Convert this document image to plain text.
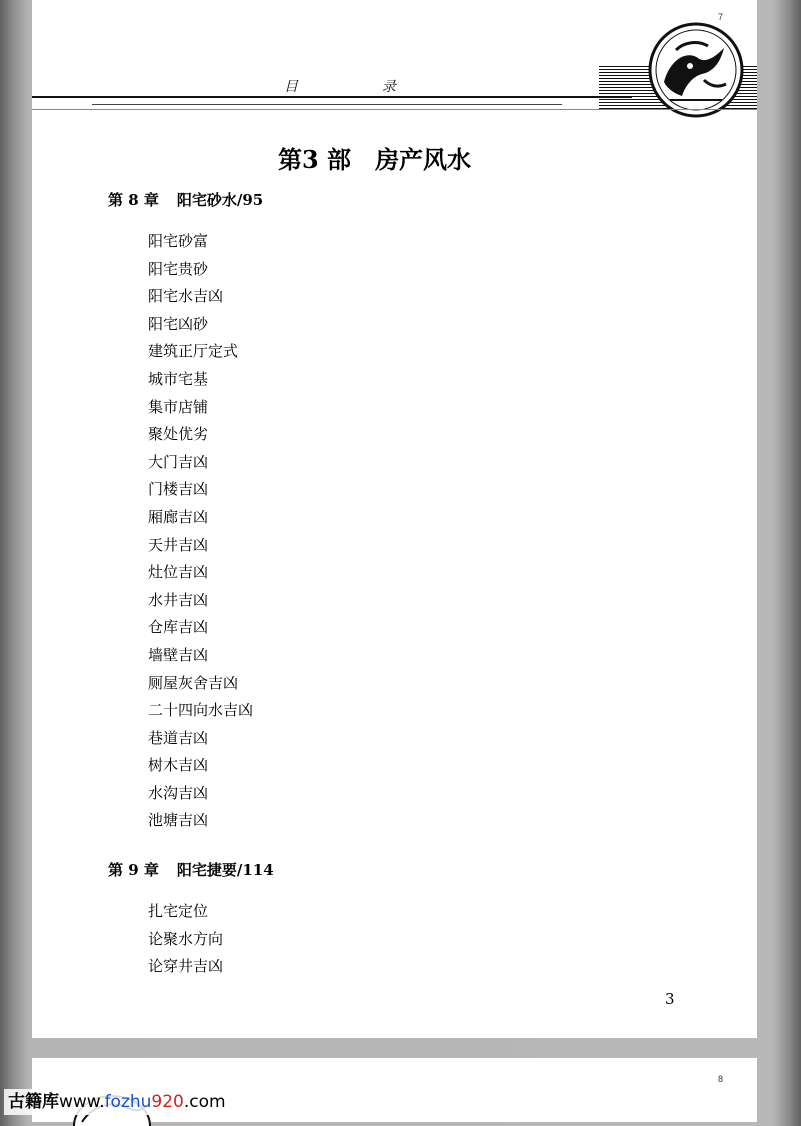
7
目	录
第3 部 房产风水
第 8 章 阳宅砂水/95
阳宅砂富
阳宅贵砂
阳宅水吉凶
阳宅凶砂
建筑正厅定式
城市宅基
集市店铺
聚处优劣
大门吉凶
门楼吉凶
厢廊吉凶
天井吉凶
灶位吉凶
水井吉凶
仓库吉凶
墙壁吉凶
厕屋灰舍吉凶
二十四向水吉凶
巷道吉凶
树木吉凶
水沟吉凶
池塘吉凶
第 9 章 阳宅捷要/114
扎宅定位
论聚水方向
论穿井吉凶
3
8
古籍库www.fozhu920.com
